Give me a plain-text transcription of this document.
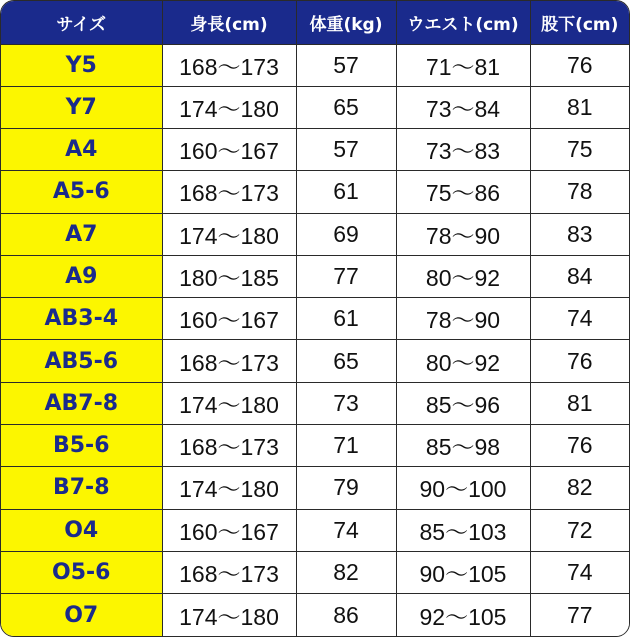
サイズ	身長(cm)	体重(kg)	ウエスト(cm)	股下(cm)
Y5	168〜173	57	71〜81	76
Y7	174〜180	65	73〜84	81
A4	160〜167	57	73〜83	75
A5-6	168〜173	61	75〜86	78
A7	174〜180	69	78〜90	83
A9	180〜185	77	80〜92	84
AB3-4	160〜167	61	78〜90	74
AB5-6	168〜173	65	80〜92	76
AB7-8	174〜180	73	85〜96	81
B5-6	168〜173	71	85〜98	76
B7-8	174〜180	79	90〜100	82
O4	160〜167	74	85〜103	72
O5-6	168〜173	82	90〜105	74
O7	174〜180	86	92〜105	77
